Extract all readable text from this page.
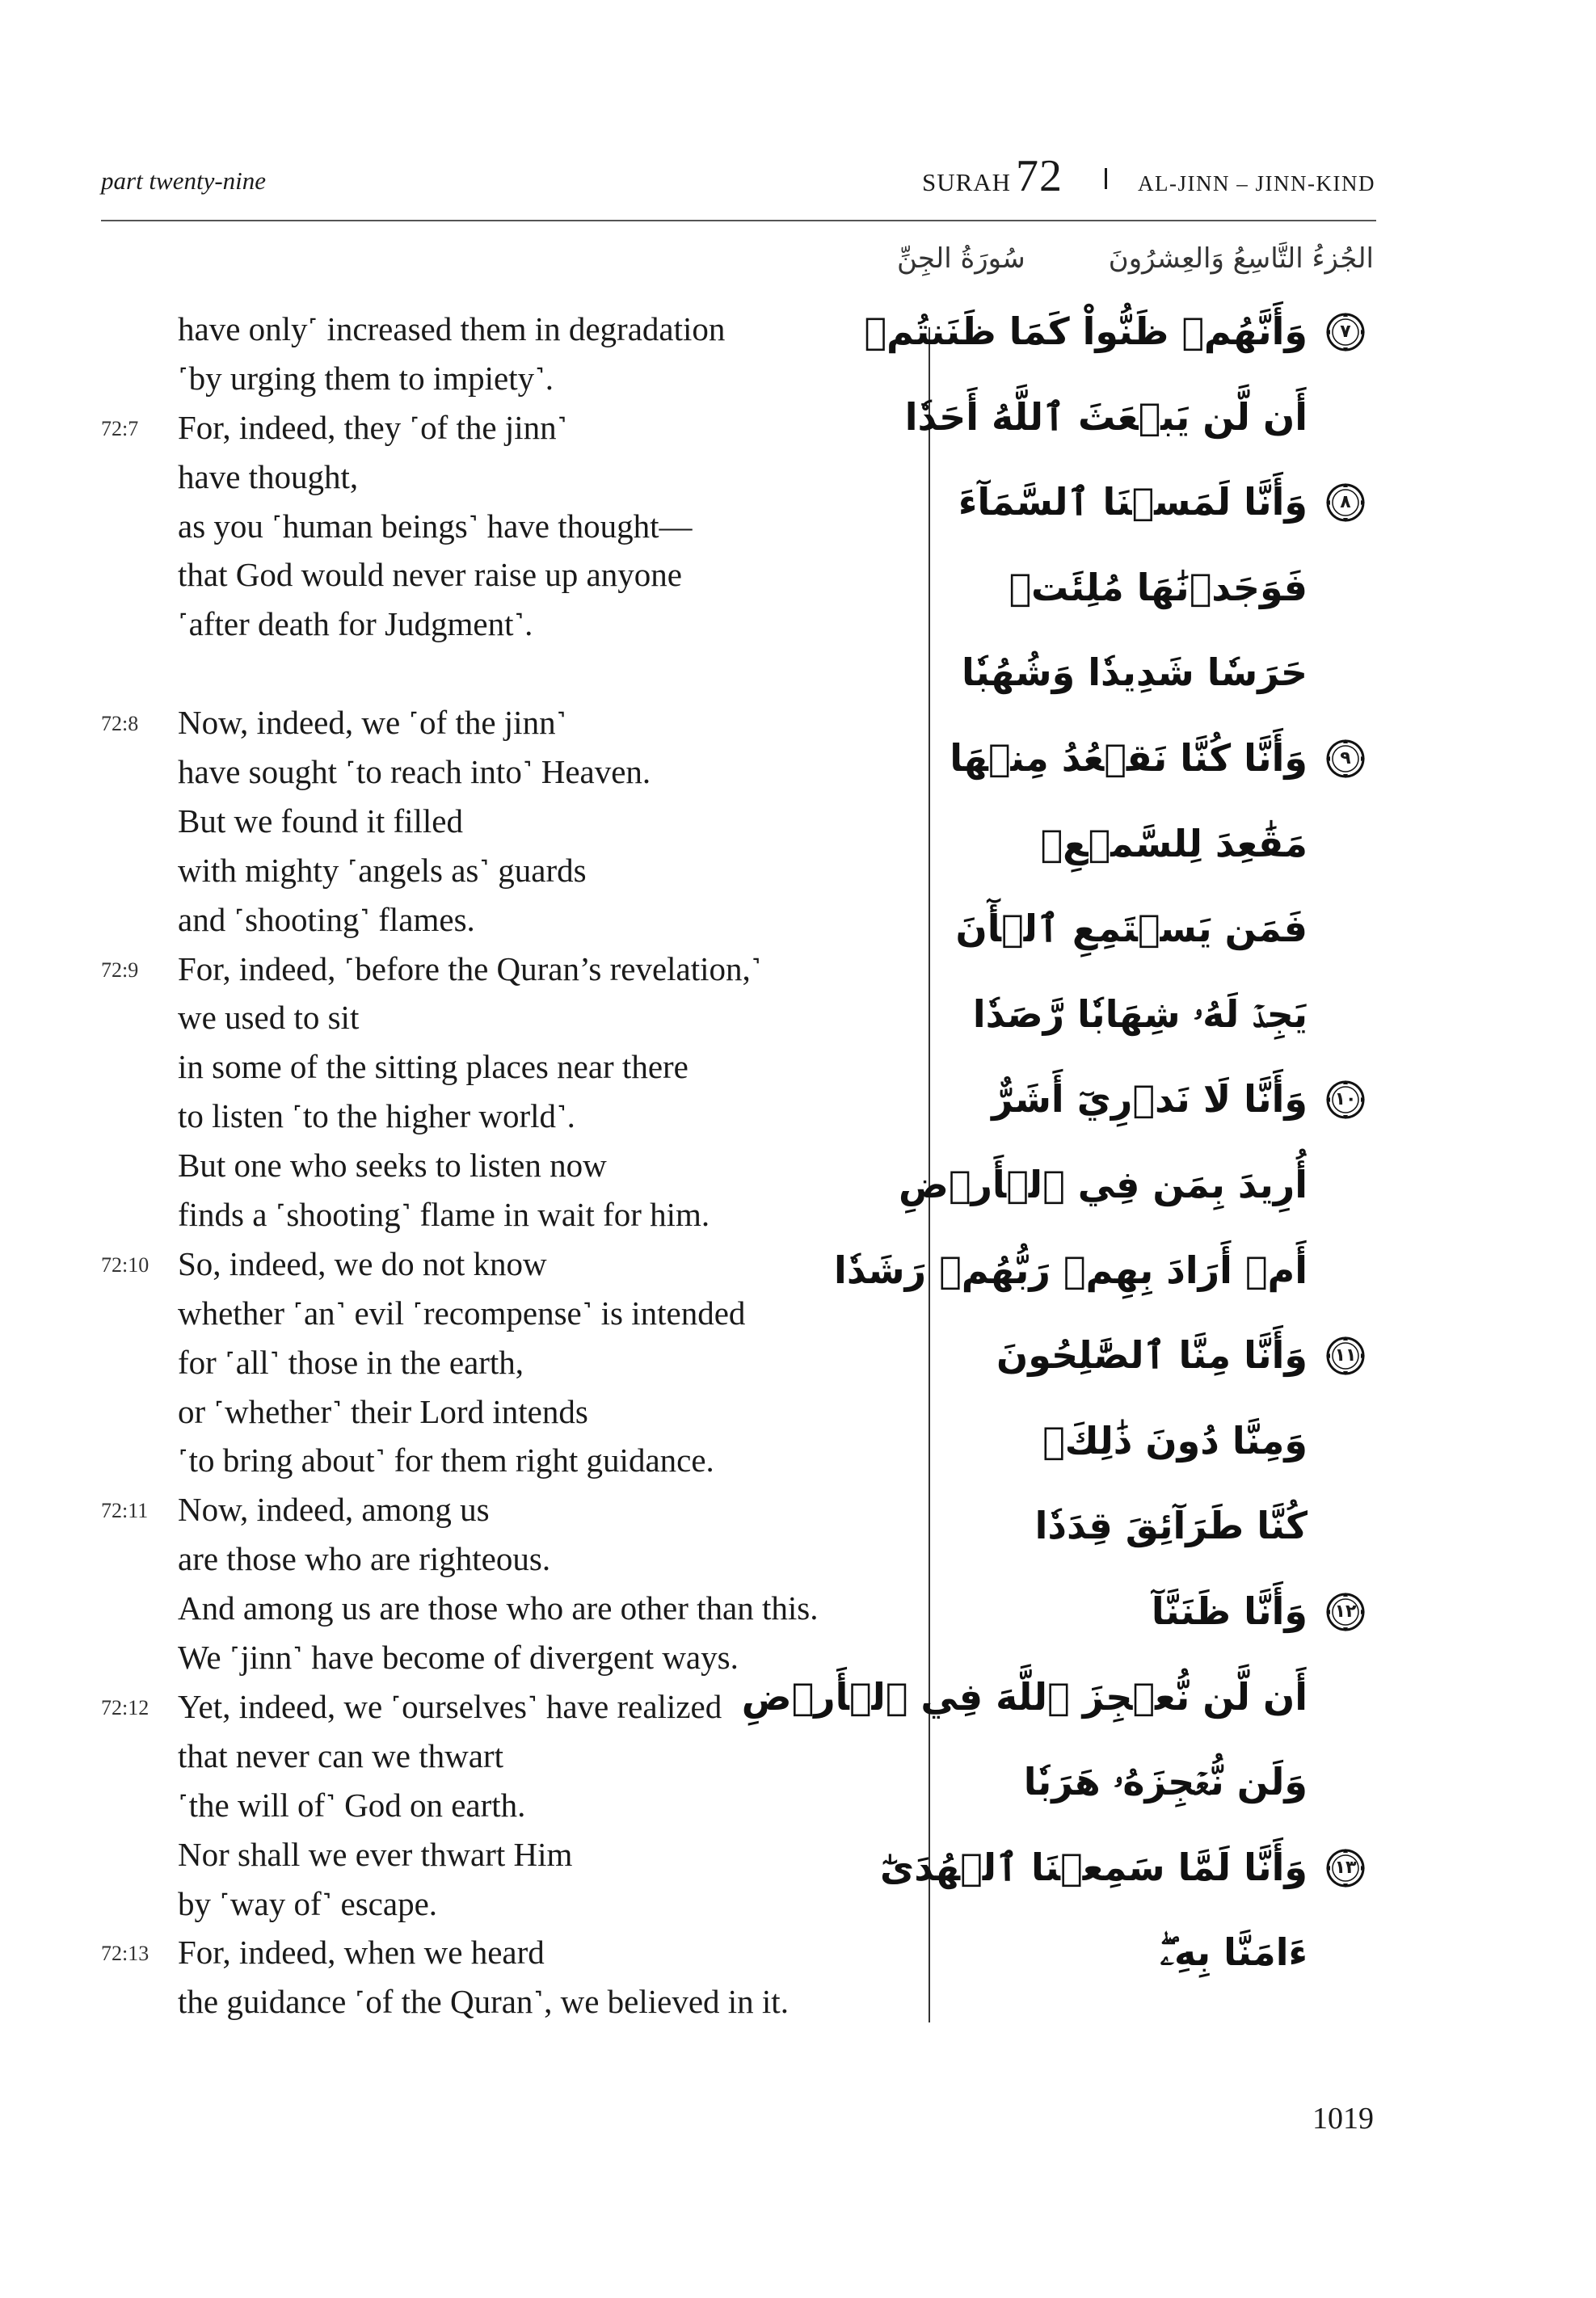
part twenty-nine	SURAH 72	AL-JINN – JINN-KIND
الجُزءُ التَّاسِعُ وَالعِشرُونَ
سُورَةُ الجِنِّ
have only˹ increased them in degradation
˹by urging them to impiety˺.
72:7 For, indeed, they ˹of the jinn˺
have thought,
as you ˹human beings˺ have thought—
that God would never raise up anyone
˹after death for Judgment˺.
72:8 Now, indeed, we ˹of the jinn˺
have sought ˹to reach into˺ Heaven.
But we found it filled
with mighty ˹angels as˺ guards
and ˹shooting˺ flames.
72:9 For, indeed, ˹before the Quran’s revelation,˺
we used to sit
in some of the sitting places near there
to listen ˹to the higher world˺.
But one who seeks to listen now
finds a ˹shooting˺ flame in wait for him.
72:10 So, indeed, we do not know
whether ˹an˺ evil ˹recompense˺ is intended
for ˹all˺ those in the earth,
or ˹whether˺ their Lord intends
˹to bring about˺ for them right guidance.
72:11 Now, indeed, among us
are those who are righteous.
And among us are those who are other than this.
We ˹jinn˺ have become of divergent ways.
72:12 Yet, indeed, we ˹ourselves˺ have realized
that never can we thwart
˹the will of˺ God on earth.
Nor shall we ever thwart Him
by ˹way of˺ escape.
72:13 For, indeed, when we heard
the guidance ˹of the Quran˺, we believed in it.
٧
وَأَنَّهُمۡ ظَنُّواْ كَمَا ظَنَنتُمۡ
أَن لَّن يَبۡعَثَ ٱللَّهُ أَحَدٗا
٨
وَأَنَّا لَمَسۡنَا ٱلسَّمَآءَ
فَوَجَدۡنَٰهَا مُلِئَتۡ
حَرَسٗا شَدِيدٗا وَشُهُبٗا
٩
وَأَنَّا كُنَّا نَقۡعُدُ مِنۡهَا
مَقَٰعِدَ لِلسَّمۡعِۖ
فَمَن يَسۡتَمِعِ ٱلۡأٓنَ
يَجِدۡ لَهُۥ شِهَابٗا رَّصَدٗا
١٠
وَأَنَّا لَا نَدۡرِيٓ أَشَرٌّ
أُرِيدَ بِمَن فِي ٱلۡأَرۡضِ
أَمۡ أَرَادَ بِهِمۡ رَبُّهُمۡ رَشَدٗا
١١
وَأَنَّا مِنَّا ٱلصَّٰلِحُونَ
وَمِنَّا دُونَ ذَٰلِكَۖ
كُنَّا طَرَآئِقَ قِدَدٗا
١٢
وَأَنَّا ظَنَنَّآ
أَن لَّن نُّعۡجِزَ ٱللَّهَ فِي ٱلۡأَرۡضِ
وَلَن نُّعۡجِزَهُۥ هَرَبٗا
١٣
وَأَنَّا لَمَّا سَمِعۡنَا ٱلۡهُدَىٰٓ
ءَامَنَّا بِهِۦۖ
1019
